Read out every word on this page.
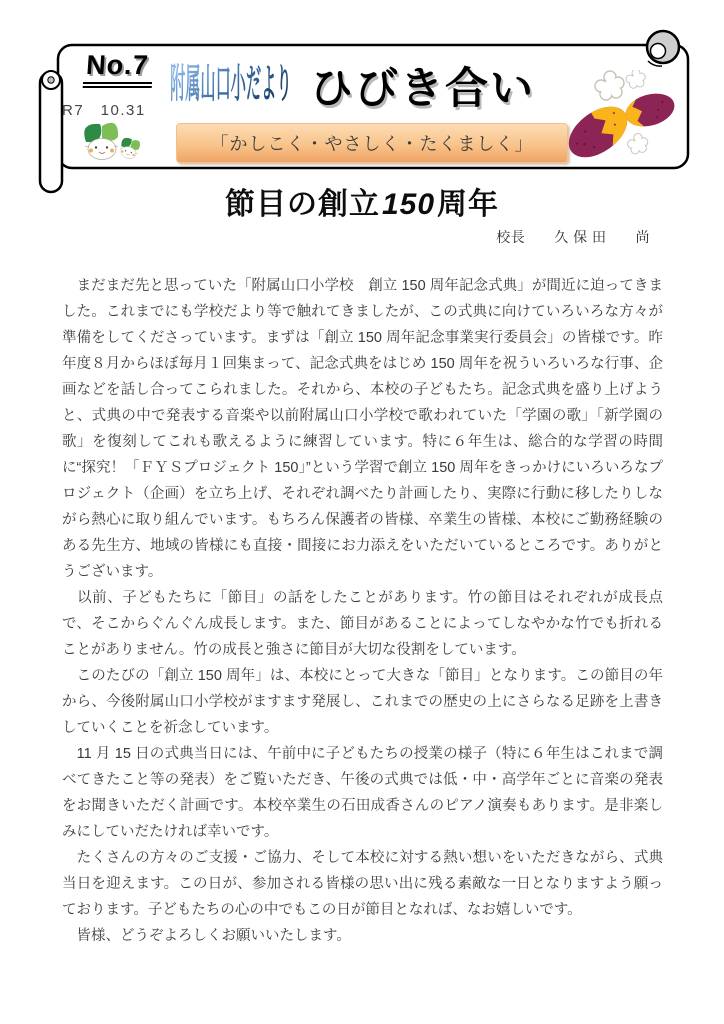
No.7
R7　10.31
附属山口小だより ひびき合い
「かしこく・やさしく・たくましく」
節目の創立150周年
校長　　久 保 田　　尚

　まだまだ先と思っていた「附属山口小学校　創立 150 周年記念式典」が間近に迫ってきました。これまでにも学校だより等で触れてきましたが、この式典に向けていろいろな方々が準備をしてくださっています。まずは「創立 150 周年記念事業実行委員会」の皆様です。昨年度８月からほぼ毎月１回集まって、記念式典をはじめ 150 周年を祝ういろいろな行事、企画などを話し合ってこられました。それから、本校の子どもたち。記念式典を盛り上げようと、式典の中で発表する音楽や以前附属山口小学校で歌われていた「学園の歌」「新学園の歌」を復刻してこれも歌えるように練習しています。特に６年生は、総合的な学習の時間に“探究！「ＦＹＳプロジェクト 150」”という学習で創立 150 周年をきっかけにいろいろなプロジェクト（企画）を立ち上げ、それぞれ調べたり計画したり、実際に行動に移したりしながら熱心に取り組んでいます。もちろん保護者の皆様、卒業生の皆様、本校にご勤務経験のある先生方、地域の皆様にも直接・間接にお力添えをいただいているところです。ありがとうございます。

　以前、子どもたちに「節目」の話をしたことがあります。竹の節目はそれぞれが成長点で、そこからぐんぐん成長します。また、節目があることによってしなやかな竹でも折れることがありません。竹の成長と強さに節目が大切な役割をしています。

　このたびの「創立 150 周年」は、本校にとって大きな「節目」となります。この節目の年から、今後附属山口小学校がますます発展し、これまでの歴史の上にさらなる足跡を上書きしていくことを祈念しています。

　11 月 15 日の式典当日には、午前中に子どもたちの授業の様子（特に６年生はこれまで調べてきたこと等の発表）をご覧いただき、午後の式典では低・中・高学年ごとに音楽の発表をお聞きいただく計画です。本校卒業生の石田成香さんのピアノ演奏もあります。是非楽しみにしていだたければ幸いです。

　たくさんの方々のご支援・ご協力、そして本校に対する熱い想いをいただきながら、式典当日を迎えます。この日が、参加される皆様の思い出に残る素敵な一日となりますよう願っております。子どもたちの心の中でもこの日が節目となれば、なお嬉しいです。

　皆様、どうぞよろしくお願いいたします。
